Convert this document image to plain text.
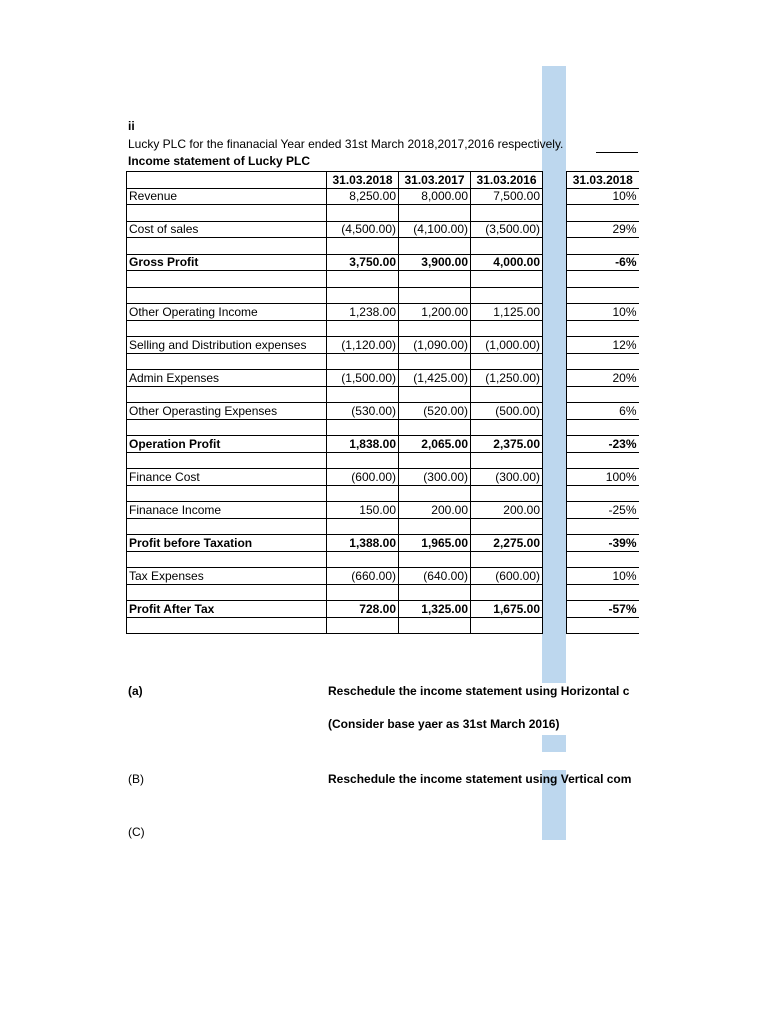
ii
Lucky PLC for the finanacial Year ended 31st March 2018,2017,2016 respectively.
Income statement of Lucky PLC
	31.03.2018	31.03.2017	31.03.2016		31.03.2018
Revenue	8,250.00	8,000.00	7,500.00		10%

Cost of sales	(4,500.00)	(4,100.00)	(3,500.00)		29%

Gross Profit	3,750.00	3,900.00	4,000.00		-6%

Other Operating Income	1,238.00	1,200.00	1,125.00		10%

Selling and Distribution expenses	(1,120.00)	(1,090.00)	(1,000.00)		12%

Admin Expenses	(1,500.00)	(1,425.00)	(1,250.00)		20%

Other Operasting Expenses	(530.00)	(520.00)	(500.00)		6%

Operation Profit	1,838.00	2,065.00	2,375.00		-23%

Finance Cost	(600.00)	(300.00)	(300.00)		100%

Finanace Income	150.00	200.00	200.00		-25%

Profit before Taxation	1,388.00	1,965.00	2,275.00		-39%

Tax Expenses	(660.00)	(640.00)	(600.00)		10%

Profit After Tax	728.00	1,325.00	1,675.00		-57%

(a)	Reschedule the income statement using Horizontal c
(Consider base yaer as 31st March 2016)
(B)	Reschedule the income statement using Vertical com
(C)
